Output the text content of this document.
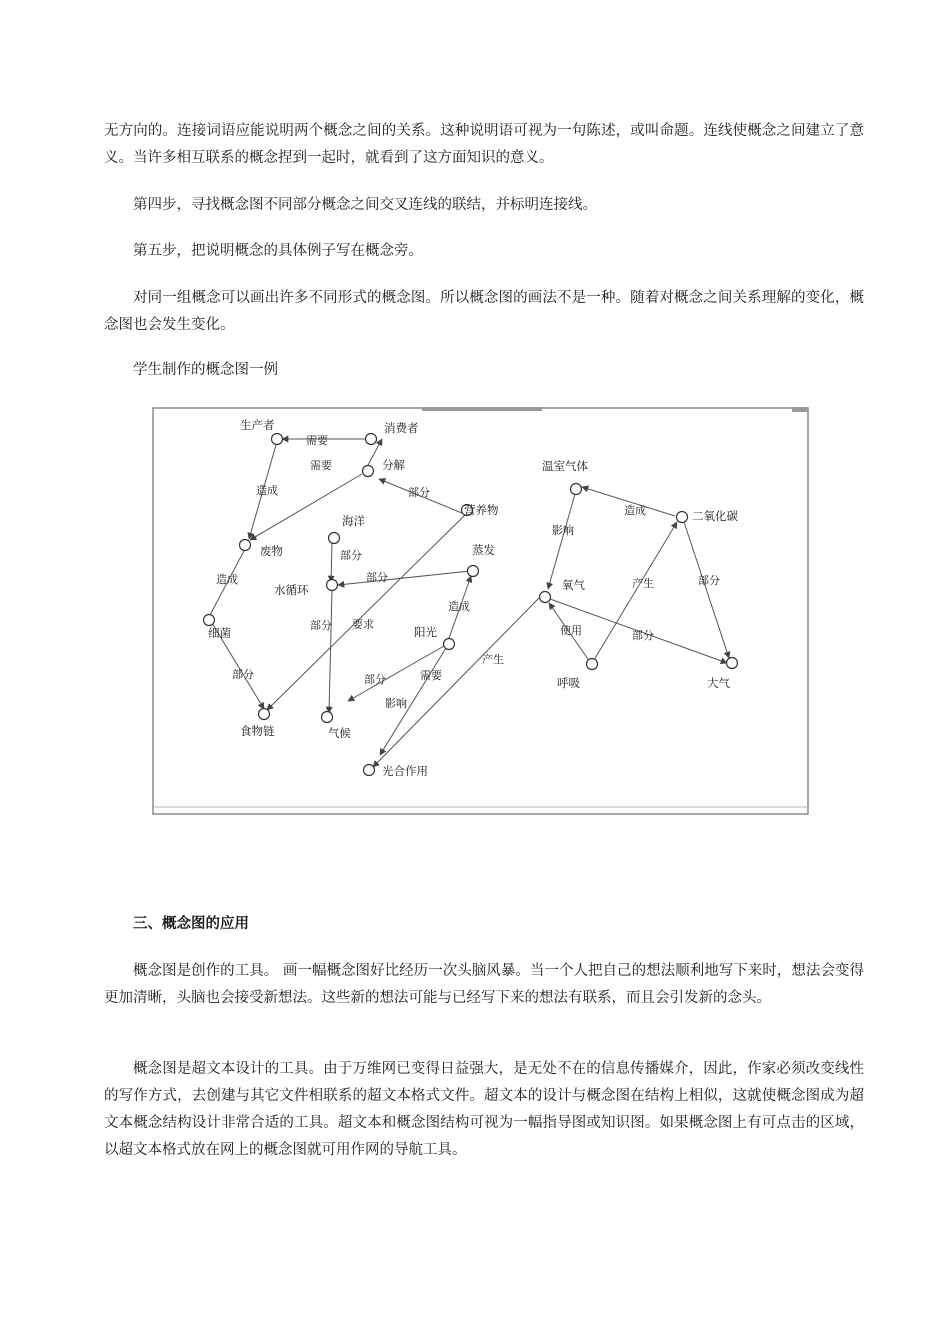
无方向的。连接词语应能说明两个概念之间的关系。这种说明语可视为一句陈述，或叫命题。连线使概念之间建立了意义。当许多相互联系的概念捏到一起时，就看到了这方面知识的意义。

第四步，寻找概念图不同部分概念之间交叉连线的联结，并标明连接线。

第五步，把说明概念的具体例子写在概念旁。

对同一组概念可以画出许多不同形式的概念图。所以概念图的画法不是一种。随着对概念之间关系理解的变化，概念图也会发生变化。

学生制作的概念图一例

生产者	消费者
分解
营养物
海洋
废物	蒸发
水循环
细菌	阳光
食物链	气候
光合作用
温室气体
二氧化碳
氧气
呼吸	大气
需要
需要
造成	部分
造成
部分
部分
部分 要求
造成
部分	部分	需要
影响
产生
影响
造成
产生	部分
使用	部分

三、概念图的应用

概念图是创作的工具。 画一幅概念图好比经历一次头脑风暴。当一个人把自己的想法顺利地写下来时，想法会变得更加清晰，头脑也会接受新想法。这些新的想法可能与已经写下来的想法有联系，而且会引发新的念头。

概念图是超文本设计的工具。由于万维网已变得日益强大，是无处不在的信息传播媒介，因此，作家必须改变线性的写作方式，去创建与其它文件相联系的超文本格式文件。超文本的设计与概念图在结构上相似，这就使概念图成为超文本概念结构设计非常合适的工具。超文本和概念图结构可视为一幅指导图或知识图。如果概念图上有可点击的区域，以超文本格式放在网上的概念图就可用作网的导航工具。
